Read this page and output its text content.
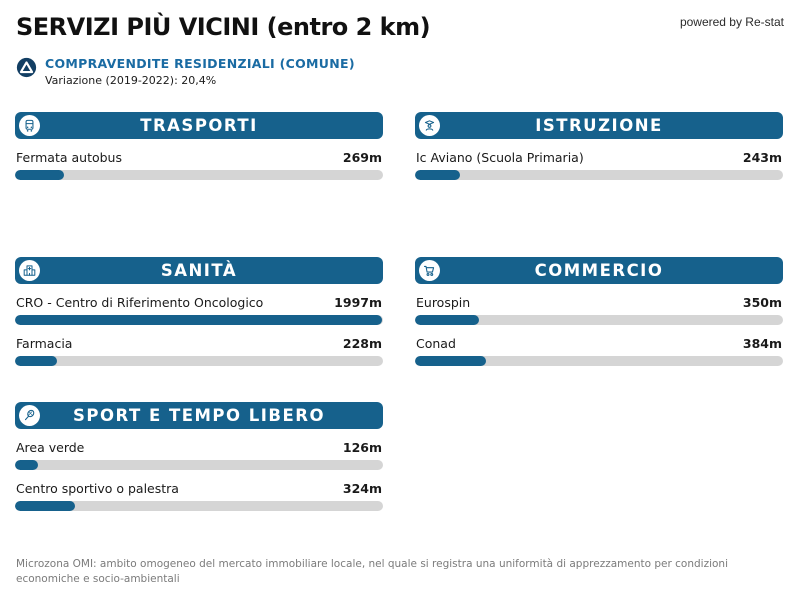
SERVIZI PIÙ VICINI (entro 2 km)	powered by Re-stat
COMPRAVENDITE RESIDENZIALI (COMUNE)
Variazione (2019-2022): 20,4%
TRASPORTI
Fermata autobus	269m
ISTRUZIONE
Ic Aviano (Scuola Primaria)	243m
SANITÀ
CRO - Centro di Riferimento Oncologico	1997m
Farmacia	228m
COMMERCIO
Eurospin	350m
Conad	384m
SPORT E TEMPO LIBERO
Area verde	126m
Centro sportivo o palestra	324m
Microzona OMI: ambito omogeneo del mercato immobiliare locale, nel quale si registra una uniformità di apprezzamento per condizioni economiche e socio-ambientali
